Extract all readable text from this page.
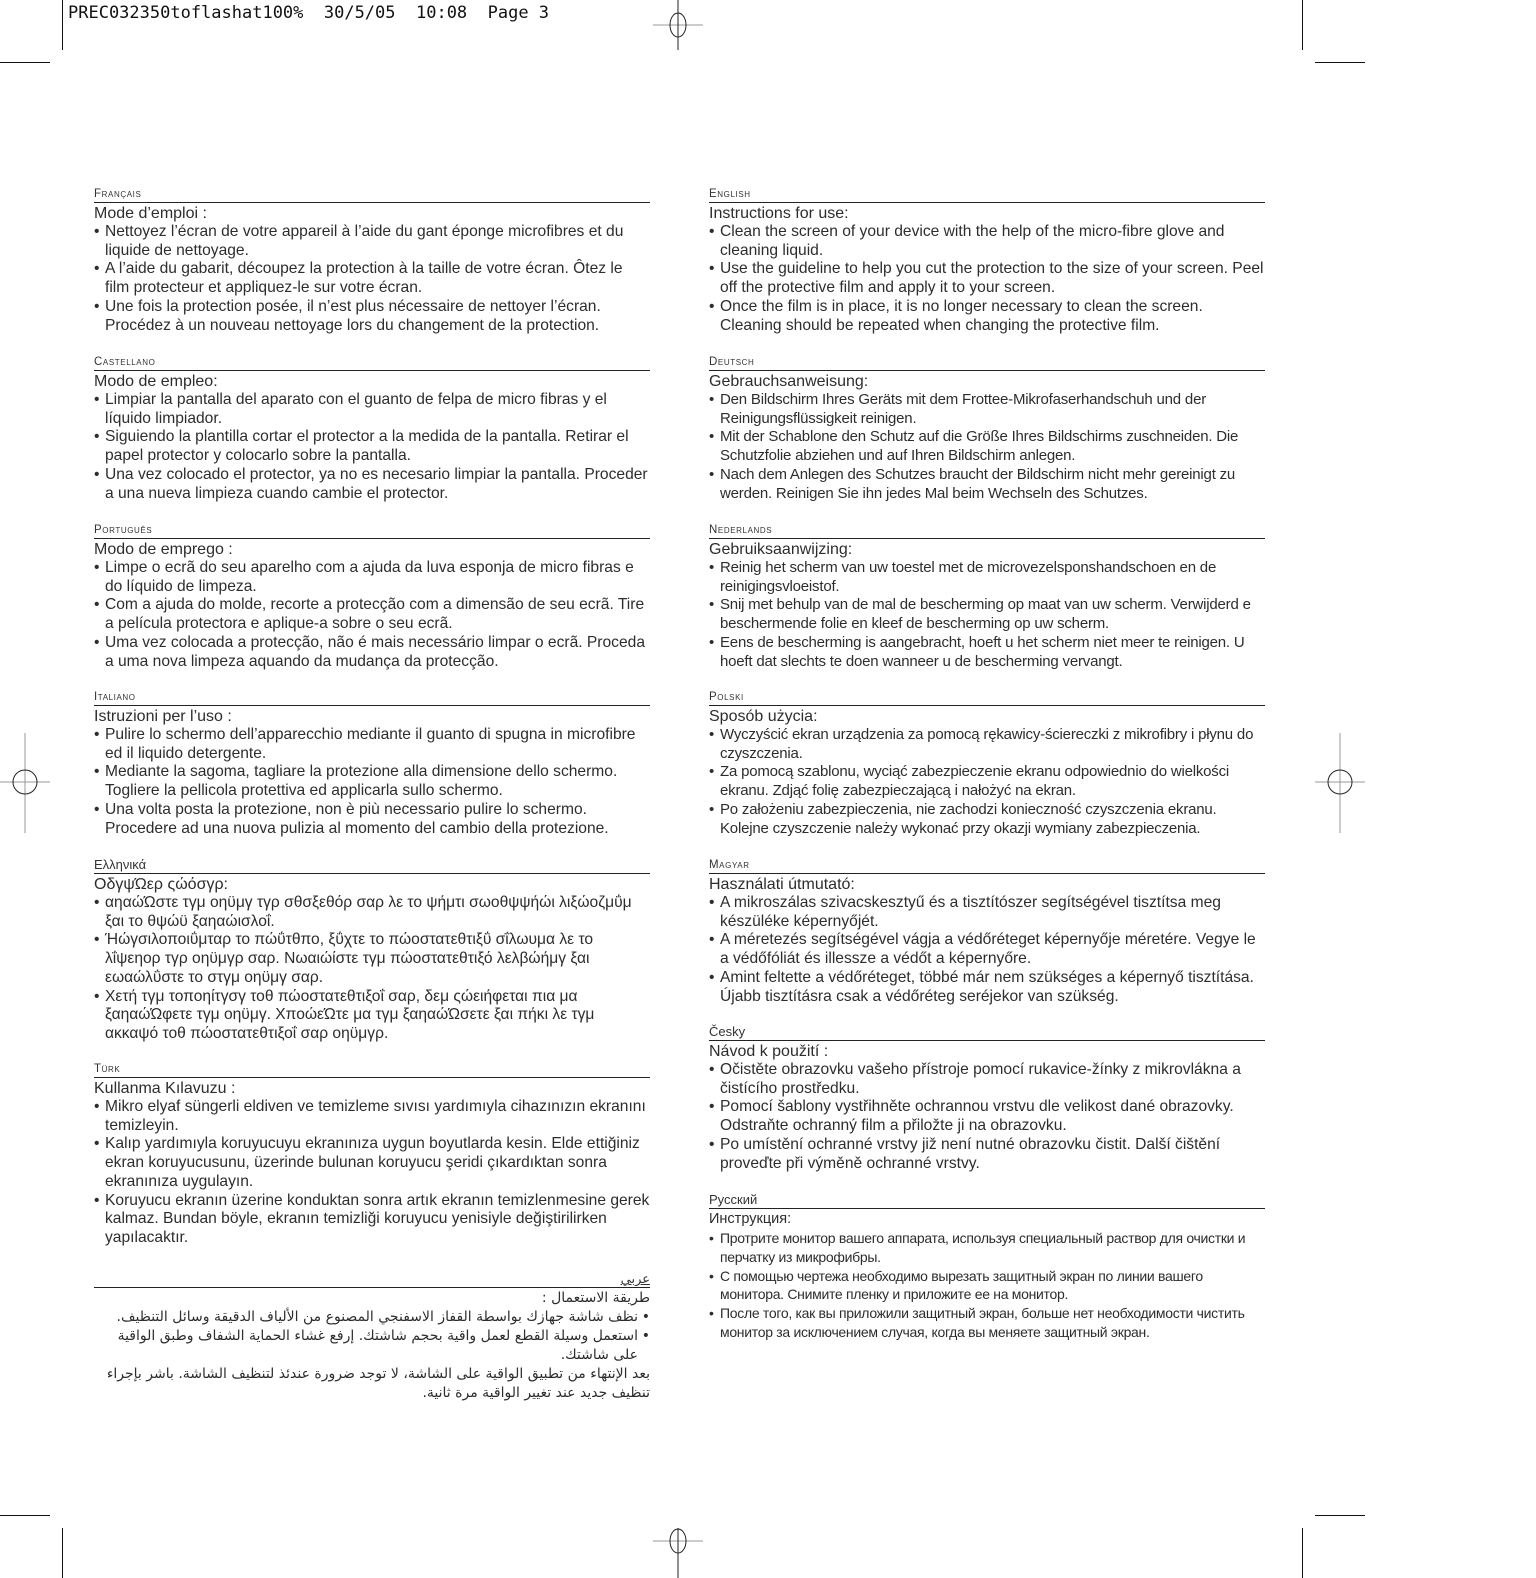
PREC032350toflashat100%  30/5/05  10:08  Page 3
Français
Mode d’emploi :
• Nettoyez l’écran de votre appareil à l’aide du gant éponge microfibres et du liquide de nettoyage.
• A l’aide du gabarit, découpez la protection à la taille de votre écran. Ôtez le film protecteur et appliquez-le sur votre écran.
• Une fois la protection posée, il n’est plus nécessaire de nettoyer l’écran. Procédez à un nouveau nettoyage lors du changement de la protection.
Castellano
Modo de empleo:
• Limpiar la pantalla del aparato con el guanto de felpa de micro fibras y el líquido limpiador.
• Siguiendo la plantilla cortar el protector a la medida de la pantalla. Retirar el papel protector y colocarlo sobre la pantalla.
• Una vez colocado el protector, ya no es necesario limpiar la pantalla. Proceder a una nueva limpieza cuando cambie el protector.
Português
Modo de emprego :
• Limpe o ecrã do seu aparelho com a ajuda da luva esponja de micro fibras e do líquido de limpeza.
• Com a ajuda do molde, recorte a protecção com a dimensão de seu ecrã. Tire a película protectora e aplique-a sobre o seu ecrã.
• Uma vez colocada a protecção, não é mais necessário limpar o ecrã. Proceda a uma nova limpeza aquando da mudança da protecção.
Italiano
Istruzioni per l’uso :
• Pulire lo schermo dell’apparecchio mediante il guanto di spugna in microfibre ed il liquido detergente.
• Mediante la sagoma, tagliare la protezione alla dimensione dello schermo. Togliere la pellicola protettiva ed applicarla sullo schermo.
• Una volta posta la protezione, non è più necessario pulire lo schermo. Procedere ad una nuova pulizia al momento del cambio della protezione.
Ελληνικά
ΟδγψΏερ ςώόσγρ:
• αηαώΏστε τγμ οηϋμγ τγρ σθσξεθόρ σαρ λε το ψήμτι σωοθψψήώι λιξώοζμΰμ ξαι το θψώϋ ξαηαώισλοΐ.
• Ήώγσιλοποιΰμταρ το πώΰτθπο, ξΰχτε το πώοστατεθτιξΰ σΐλωυμα λε το λΐψεηορ τγρ οηϋμγρ σαρ. Νωαιώίστε τγμ πώοστατεθτιξό λελβώήμγ ξαι εωαώλΰστε το στγμ οηϋμγ σαρ.
• Χετή τγμ τοποηίτγσγ τοθ πώοστατεθτιξοΐ σαρ, δεμ ςώειήφεται πια μα ξαηαώΏφετε τγμ οηϋμγ. ΧποώεΏτε μα τγμ ξαηαώΏσετε ξαι πήκι λε τγμ ακκαψό τοθ πώοστατεθτιξοΐ σαρ οηϋμγρ.
Türk
Kullanma Kılavuzu :
• Mikro elyaf süngerli eldiven ve temizleme sıvısı yardımıyla cihazınızın ekranını temizleyin.
• Kalıp yardımıyla koruyucuyu ekranınıza uygun boyutlarda kesin. Elde ettiğiniz ekran koruyucusunu, üzerinde bulunan koruyucu şeridi çıkardıktan sonra ekranınıza uygulayın.
• Koruyucu ekranın üzerine konduktan sonra artık ekranın temizlenmesine gerek kalmaz. Bundan böyle, ekranın temizliği koruyucu yenisiyle değiştirilirken yapılacaktır.
عربي
طريقة الاستعمال :
• نظف شاشة جهازك بواسطة القفاز الاسفنجي المصنوع من الألياف الدقيقة وسائل التنظيف.
• استعمل وسيلة القطع لعمل واقية بحجم شاشتك. إرفع غشاء الحماية الشفاف وطبق الواقية على شاشتك.
بعد الإنتهاء من تطبيق الواقية على الشاشة، لا توجد ضرورة عندئذ لتنظيف الشاشة. باشر بإجراء تنظيف جديد عند تغيير الواقية مرة ثانية.
English
Instructions for use:
• Clean the screen of your device with the help of the micro-fibre glove and cleaning liquid.
• Use the guideline to help you cut the protection to the size of your screen. Peel off the protective film and apply it to your screen.
• Once the film is in place, it is no longer necessary to clean the screen. Cleaning should be repeated when changing the protective film.
Deutsch
Gebrauchsanweisung:
• Den Bildschirm Ihres Geräts mit dem Frottee-Mikrofaserhandschuh und der Reinigungsflüssigkeit reinigen.
• Mit der Schablone den Schutz auf die Größe Ihres Bildschirms zuschneiden. Die Schutzfolie abziehen und auf Ihren Bildschirm anlegen.
• Nach dem Anlegen des Schutzes braucht der Bildschirm nicht mehr gereinigt zu werden. Reinigen Sie ihn jedes Mal beim Wechseln des Schutzes.
Nederlands
Gebruiksaanwijzing:
• Reinig het scherm van uw toestel met de microvezelsponshandschoen en de reinigingsvloeistof.
• Snij met behulp van de mal de bescherming op maat van uw scherm. Verwijderd e beschermende folie en kleef de bescherming op uw scherm.
• Eens de bescherming is aangebracht, hoeft u het scherm niet meer te reinigen. U hoeft dat slechts te doen wanneer u de bescherming vervangt.
Polski
Sposób użycia:
• Wyczyścić ekran urządzenia za pomocą rękawicy-ściereczki z mikrofibry i płynu do czyszczenia.
• Za pomocą szablonu, wyciąć zabezpieczenie ekranu odpowiednio do wielkości ekranu. Zdjąć folię zabezpieczającą i nałożyć na ekran.
• Po założeniu zabezpieczenia, nie zachodzi konieczność czyszczenia ekranu. Kolejne czyszczenie należy wykonać przy okazji wymiany zabezpieczenia.
Magyar
Használati útmutató:
• A mikroszálas szivacskesztyű és a tisztítószer segítségével tisztítsa meg készüléke képernyőjét.
• A méretezés segítségével vágja a védőréteget képernyője méretére. Vegye le a védőfóliát és illessze a védőt a képernyőre.
• Amint feltette a védőréteget, többé már nem szükséges a képernyő tisztítása. Újabb tisztításra csak a védőréteg seréjekor van szükség.
Česky
Návod k použití :
• Očistěte obrazovku vašeho přístroje pomocí rukavice-žínky z mikrovlákna a čistícího prostředku.
• Pomocí šablony vystřihněte ochrannou vrstvu dle velikost dané obrazovky. Odstraňte ochranný film a přiložte ji na obrazovku.
• Po umístění ochranné vrstvy již není nutné obrazovku čistit. Další čištění proveďte při výměně ochranné vrstvy.
Русский
Инструкция:
• Протрите монитор вашего аппарата, используя специальный раствор для очистки и перчатку из микрофибры.
• С помощью чертежа необходимо вырезать защитный экран по линии вашего монитора. Снимите пленку и приложите ее на монитор.
• После того, как вы приложили защитный экран, больше нет необходимости чистить монитор за исключением случая, когда вы меняете защитный экран.
